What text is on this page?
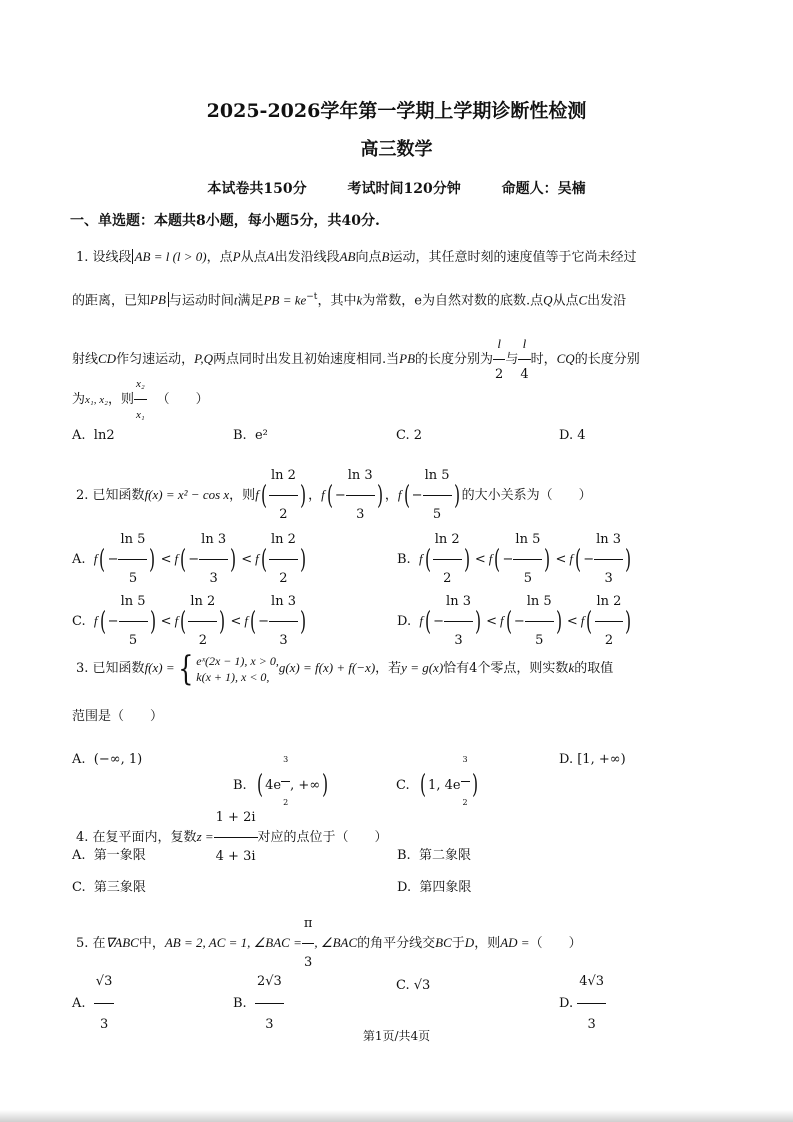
2025-2026学年第一学期上学期诊断性检测
高三数学
本试卷共150分	考试时间120分钟	命题人：吴楠
一、单选题：本题共8小题，每小题5分，共40分.
1. 设线段 AB = l (l > 0)，点P从点A出发沿线段AB向点B运动，其任意时刻的速度值等于它尚未经过
的距离，已知PB 与运动时间t满足PB = $ke^{-t}$，其中k为常数，e为自然对数的底数.点Q从点C出发沿
射线CD作匀速运动，P,Q两点同时出发且初始速度相同.当PB的长度分别为 $\frac{l}{2}$ 与 $\frac{l}{4}$ 时，CQ的长度分别
为x₁, x₂，则 $\frac{\text{x₂}}{\text{x₁}}$ （　　）
A. ln2	B. e²	C. 2	D. 4
2. 已知函数f(x) = x² − cos x，则$f( \frac{\ln 2}{2}$ ) ，$f( - \frac{\ln 3}{3}$ ) ，$f( - \frac{\ln 5}{5}$ ) 的大小关系为（　　）
A. $f( - \frac{\ln 5}{5}$ ) < $f( - \frac{\ln 3}{3}$ ) < $f( \frac{\ln 2}{2}$ )	B. $f( \frac{\ln 2}{2}$ ) < $f( - \frac{\ln 5}{5}$ ) < $f( - \frac{\ln 3}{3}$ )
C. $f( - \frac{\ln 5}{5}$ ) < $f( \frac{\ln 2}{2}$ ) < $f( - \frac{\ln 3}{3}$ )	D. $f( - \frac{\ln 3}{3}$ ) < $f( - \frac{\ln 5}{5}$ ) < $f( \frac{\ln 2}{2}$ )
3. 已知函数f(x) ={ eˣ(2x − 1), x > 0,
k(x + 1), x < 0,
g(x) = f(x) + f(−x)，若y = g(x)恰有4个零点，则实数k的取值
范围是（　　）
A. (−∞, 1)
B. ( 4e $^{\frac{3}{2}}$ , +∞)	C. ( 1, 4e $^{\frac{3}{2}}$ )
D. [1, +∞)
4. 在复平面内，复数$z = \frac{1 + 2i}{4 + 3i}$ 对应的点位于（　　）
A. 第一象限	B. 第二象限
C. 第三象限	D. 第四象限
5. 在∇ABC中，AB = 2, AC = 1, ∠BAC = $\frac{\pi}{3}$ , ∠BAC的角平分线交BC于D，则AD =（　　）
A. $\frac{√3}{3}$	B. $\frac{2√3}{3}$	C. √3
D. $\frac{4√3}{3}$
第1页/共4页
